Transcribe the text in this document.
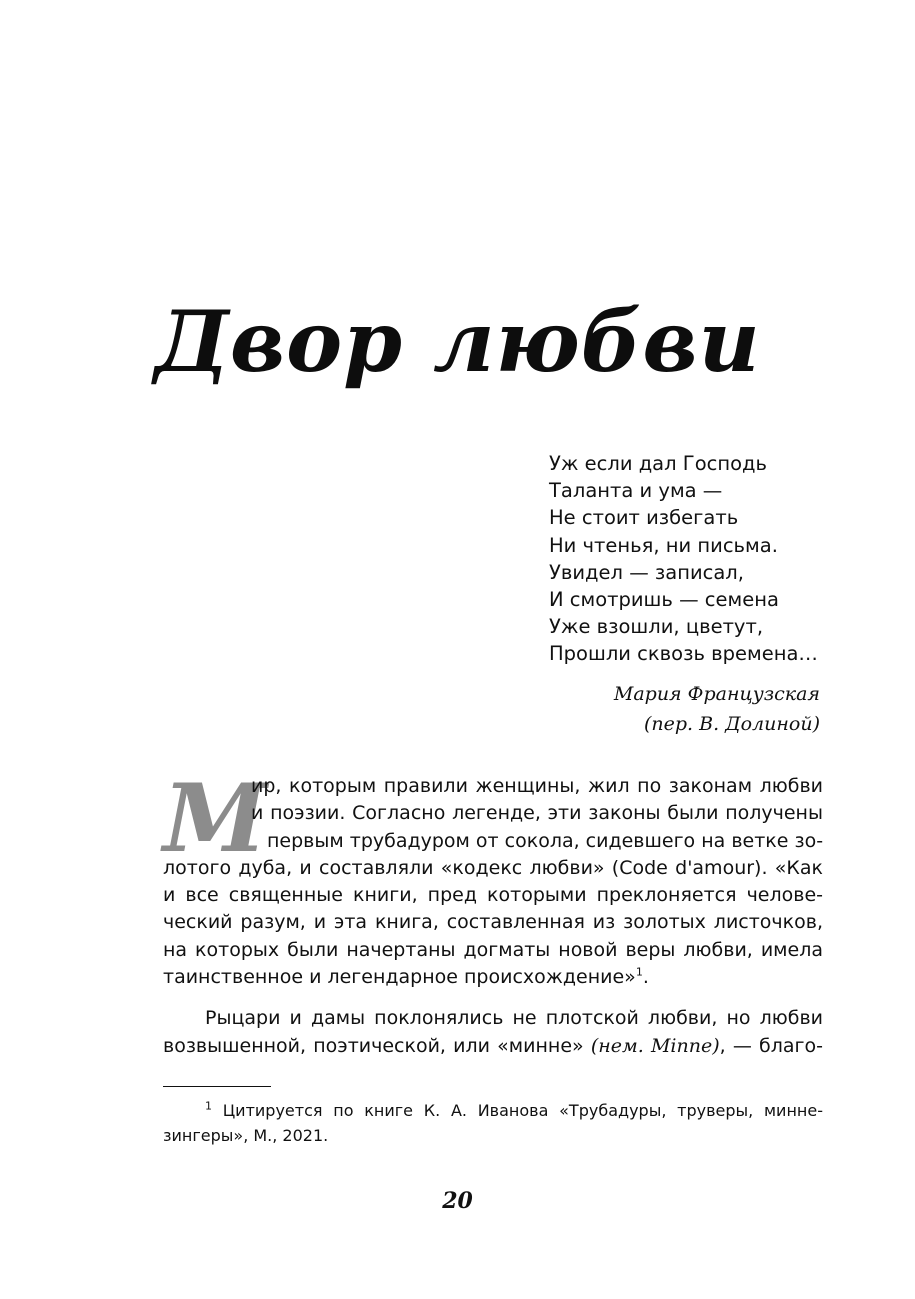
Двор любви
Уж если дал Господь
Таланта и ума —
Не стоит избегать
Ни чтенья, ни письма.
Увидел — записал,
И смотришь — семена
Уже взошли, цветут,
Прошли сквозь времена…
Мария Французская
(пер. В. Долиной)
М
ир, которым правили женщины, жил по законам любви
и поэзии. Согласно легенде, эти законы были получены
первым трубадуром от сокола, сидевшего на ветке зо-
лотого дуба, и составляли «кодекс любви» (Code d'amour). «Как
и все священные книги, пред которыми преклоняется челове-
ческий разум, и эта книга, составленная из золотых листочков,
на которых были начертаны догматы новой веры любви, имела
таинственное и легендарное происхождение»$^1$.
Рыцари и дамы поклонялись не плотской любви, но любви
возвышенной, поэтической, или «минне» (нем. Minne), — благо-
$^1$ Цитируется по книге К. А. Иванова «Трубадуры, труверы, минне-
зингеры», М., 2021.
20
